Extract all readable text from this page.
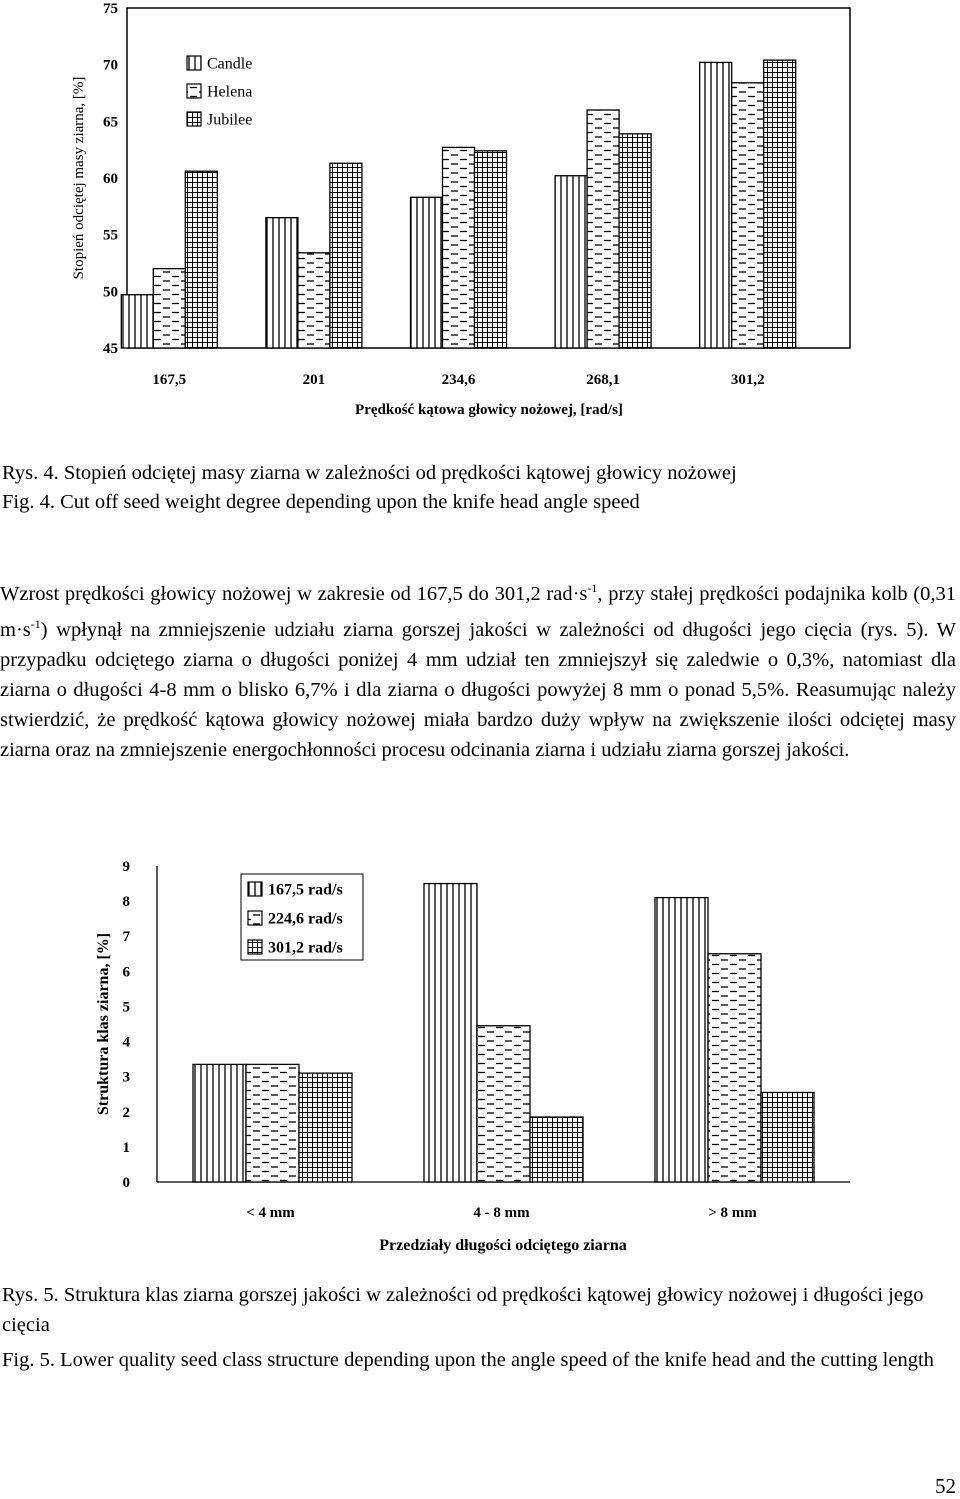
45
50
55
60
65
70
75
167,5	201	234,6	268,1	301,2
Stopień odciętej masy ziarna, [%]
Prędkość kątowa głowicy nożowej, [rad/s]
Candle
Helena
Jubilee
Rys. 4. Stopień odciętej masy ziarna w zależności od prędkości kątowej głowicy nożowej
Fig. 4. Cut off seed weight degree depending upon the knife head angle speed

Wzrost prędkości głowicy nożowej w zakresie od 167,5 do 301,2 $rad\cdot s^{-1}$, przy stałej prędkości podajnika kolb (0,31 $m\cdot s^{-1}$) wpłynął na zmniejszenie udziału ziarna gorszej jakości w zależności od długości jego cięcia (rys. 5). W przypadku odciętego ziarna o długości poniżej 4 mm udział ten zmniejszył się zaledwie o 0,3%, natomiast dla ziarna o długości 4-8 mm o blisko 6,7% i dla ziarna o długości powyżej 8 mm o ponad 5,5%. Reasumując należy stwierdzić, że prędkość kątowa głowicy nożowej miała bardzo duży wpływ na zwiększenie ilości odciętej masy ziarna oraz na zmniejszenie energochłonności procesu odcinania ziarna i udziału ziarna gorszej jakości.

0
1
2
3
4
5
6
7
8
9
< 4 mm	4 - 8 mm	> 8 mm
Struktura klas ziarna, [%]
Przedziały długości odciętego ziarna
167,5 rad/s
224,6 rad/s
301,2 rad/s
Rys. 5. Struktura klas ziarna gorszej jakości w zależności od prędkości kątowej głowicy nożowej i długości jego cięcia
Fig. 5. Lower quality seed class structure depending upon the angle speed of the knife head and the cutting length
52
